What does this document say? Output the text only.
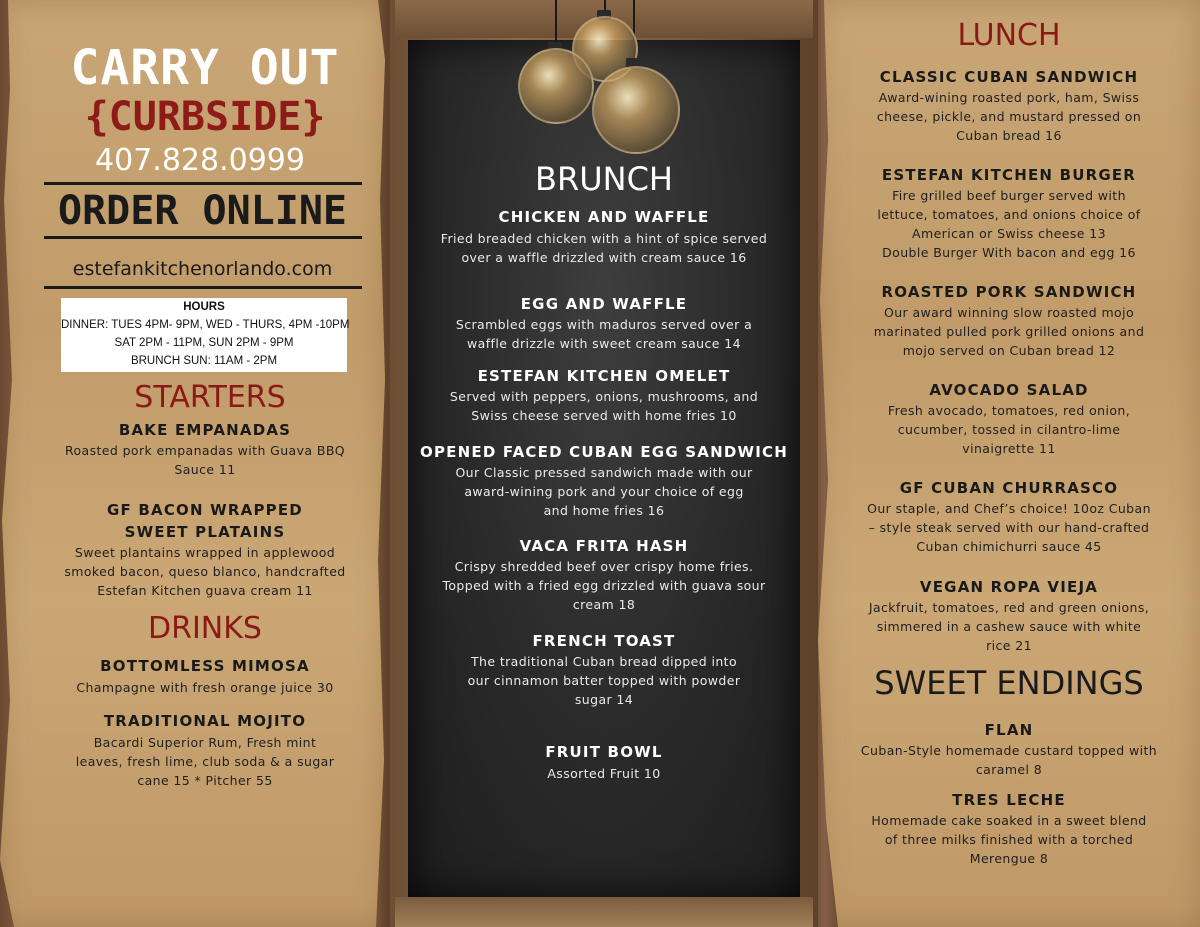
CARRY OUT
{CURBSIDE}
407.828.0999
ORDER ONLINE
estefankitchenorlando.com
HOURS
DINNER: TUES 4PM- 9PM, WED - THURS, 4PM -10PM
SAT 2PM - 11PM, SUN 2PM - 9PM
BRUNCH SUN: 11AM - 2PM
STARTERS
BAKE EMPANADAS
Roasted pork empanadas with Guava BBQ
Sauce 11
GF BACON WRAPPED
SWEET PLATAINS
Sweet plantains wrapped in applewood
smoked bacon, queso blanco, handcrafted
Estefan Kitchen guava cream 11
DRINKS
BOTTOMLESS MIMOSA
Champagne with fresh orange juice 30
TRADITIONAL MOJITO
Bacardi Superior Rum, Fresh mint
leaves, fresh lime, club soda & a sugar
cane 15 * Pitcher 55
BRUNCH
CHICKEN AND WAFFLE
Fried breaded chicken with a hint of spice served
over a waffle drizzled with cream sauce 16
EGG AND WAFFLE
Scrambled eggs with maduros served over a
waffle drizzle with sweet cream sauce 14
ESTEFAN KITCHEN OMELET
Served with peppers, onions, mushrooms, and
Swiss cheese served with home fries 10
OPENED FACED CUBAN EGG SANDWICH
Our Classic pressed sandwich made with our
award-wining pork and your choice of egg
and home fries 16
VACA FRITA HASH
Crispy shredded beef over crispy home fries.
Topped with a fried egg drizzled with guava sour
cream 18
FRENCH TOAST
The traditional Cuban bread dipped into
our cinnamon batter topped with powder
sugar 14
FRUIT BOWL
Assorted Fruit 10
LUNCH
CLASSIC CUBAN SANDWICH
Award-wining roasted pork, ham, Swiss
cheese, pickle, and mustard pressed on
Cuban bread 16
ESTEFAN KITCHEN BURGER
Fire grilled beef burger served with
lettuce, tomatoes, and onions choice of
American or Swiss cheese 13
Double Burger With bacon and egg 16
ROASTED PORK SANDWICH
Our award winning slow roasted mojo
marinated pulled pork grilled onions and
mojo served on Cuban bread 12
AVOCADO SALAD
Fresh avocado, tomatoes, red onion,
cucumber, tossed in cilantro-lime
vinaigrette 11
GF CUBAN CHURRASCO
Our staple, and Chef’s choice! 10oz Cuban
– style steak served with our hand-crafted
Cuban chimichurri sauce 45
VEGAN ROPA VIEJA
Jackfruit, tomatoes, red and green onions,
simmered in a cashew sauce with white
rice 21
SWEET ENDINGS
FLAN
Cuban-Style homemade custard topped with
caramel 8
TRES LECHE
Homemade cake soaked in a sweet blend
of three milks finished with a torched
Merengue 8
